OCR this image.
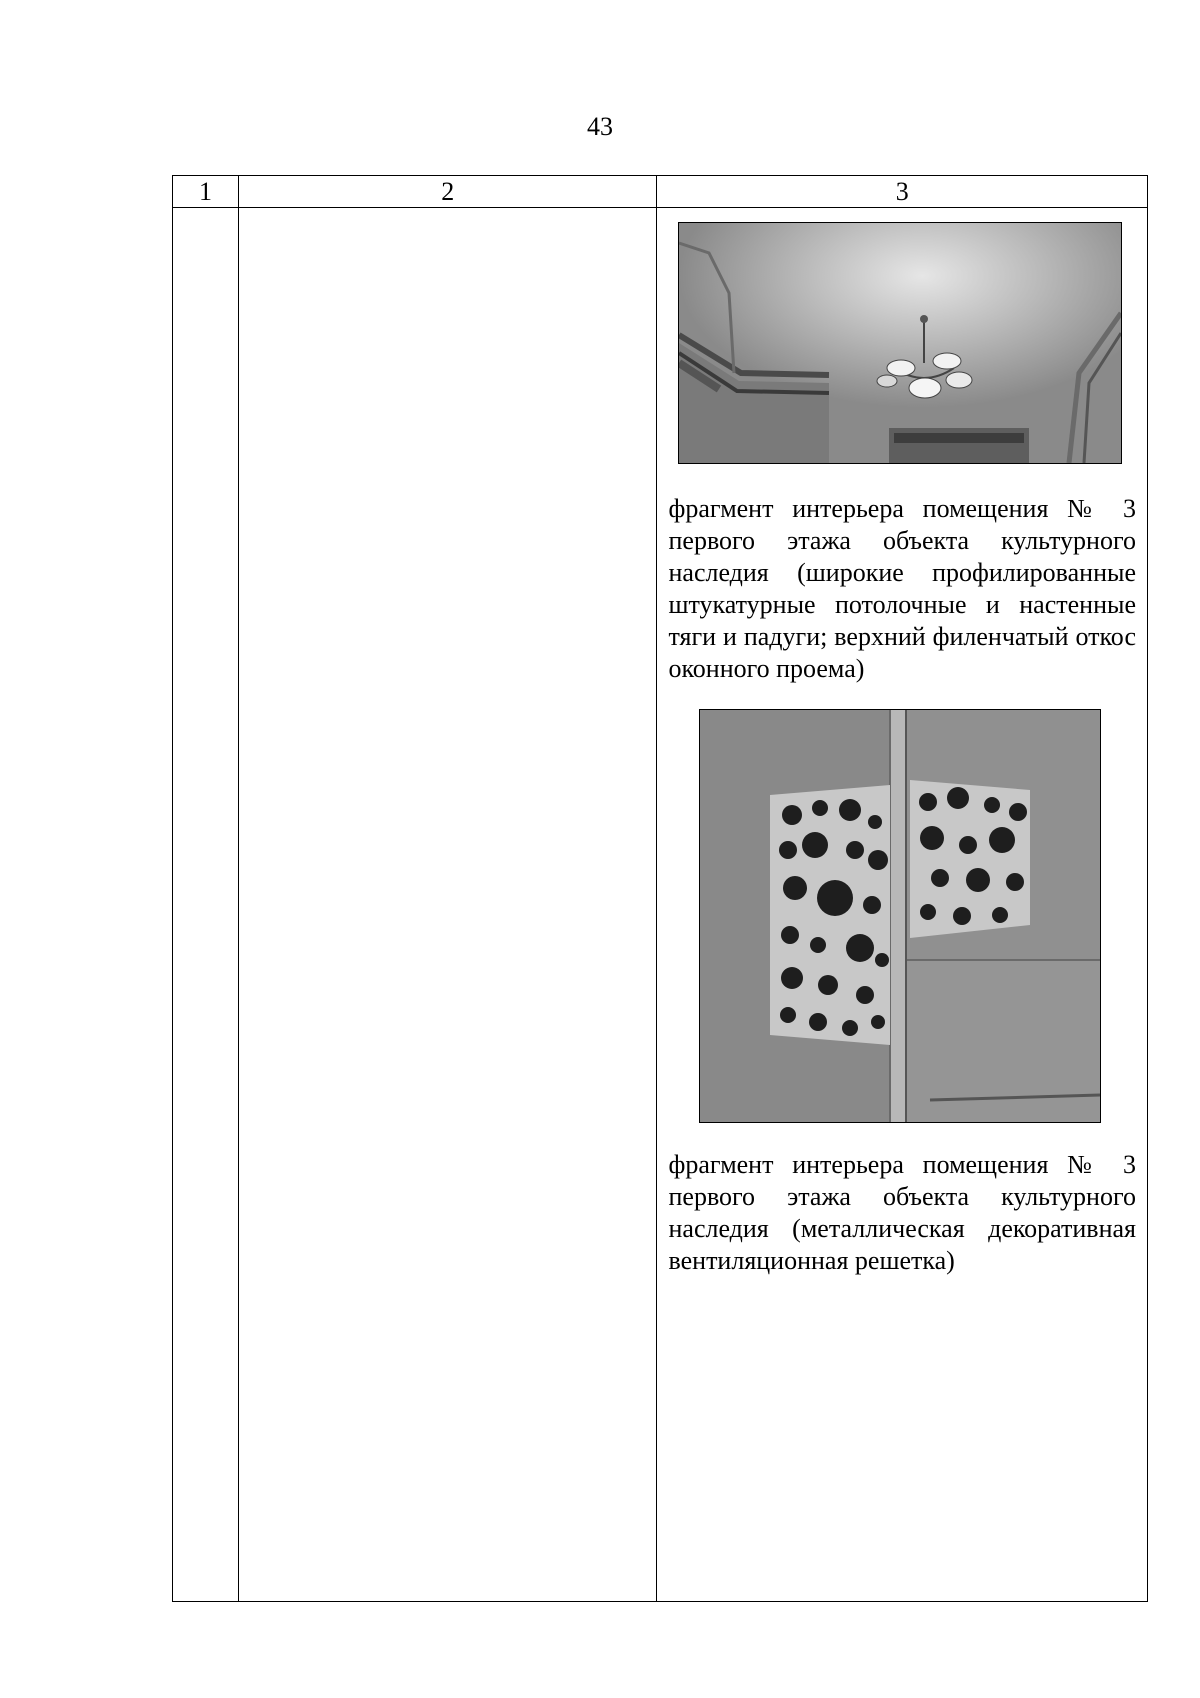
43
1	2	3

		фрагмент интерьера помещения № 3 первого этажа объекта культурного наследия (широкие профилированные штукатурные потолочные и настенные тяги и падуги; верхний филенчатый откос оконного проема)

фрагмент интерьера помещения № 3 первого этажа объекта культурного наследия (металлическая декоративная вентиляционная решетка)
